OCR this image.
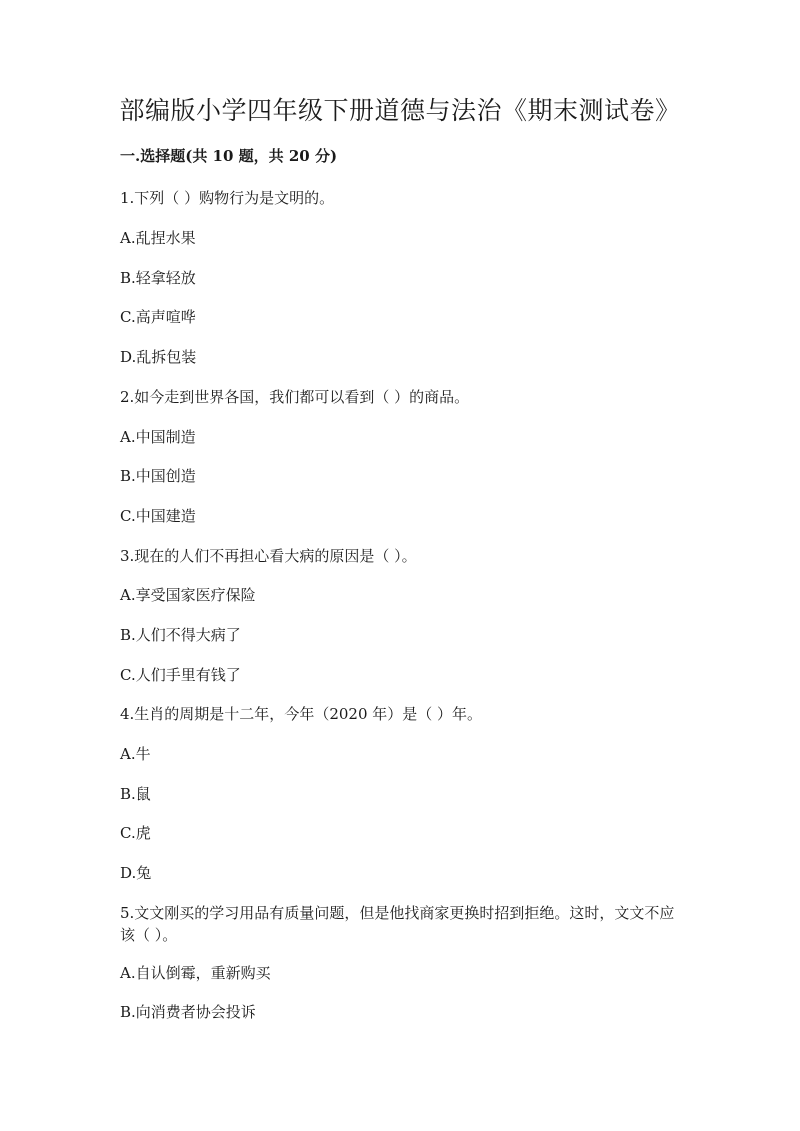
部编版小学四年级下册道德与法治《期末测试卷》
一.选择题(共 10 题，共 20 分)
1.下列（ ）购物行为是文明的。
A.乱捏水果
B.轻拿轻放
C.高声喧哗
D.乱拆包装
2.如今走到世界各国，我们都可以看到（ ）的商品。
A.中国制造
B.中国创造
C.中国建造
3.现在的人们不再担心看大病的原因是（ ）。
A.享受国家医疗保险
B.人们不得大病了
C.人们手里有钱了
4.生肖的周期是十二年，今年（2020 年）是（ ）年。
A.牛
B.鼠
C.虎
D.兔
5.文文刚买的学习用品有质量问题，但是他找商家更换时招到拒绝。这时，文文不应该（ ）。
A.自认倒霉，重新购买
B.向消费者协会投诉
